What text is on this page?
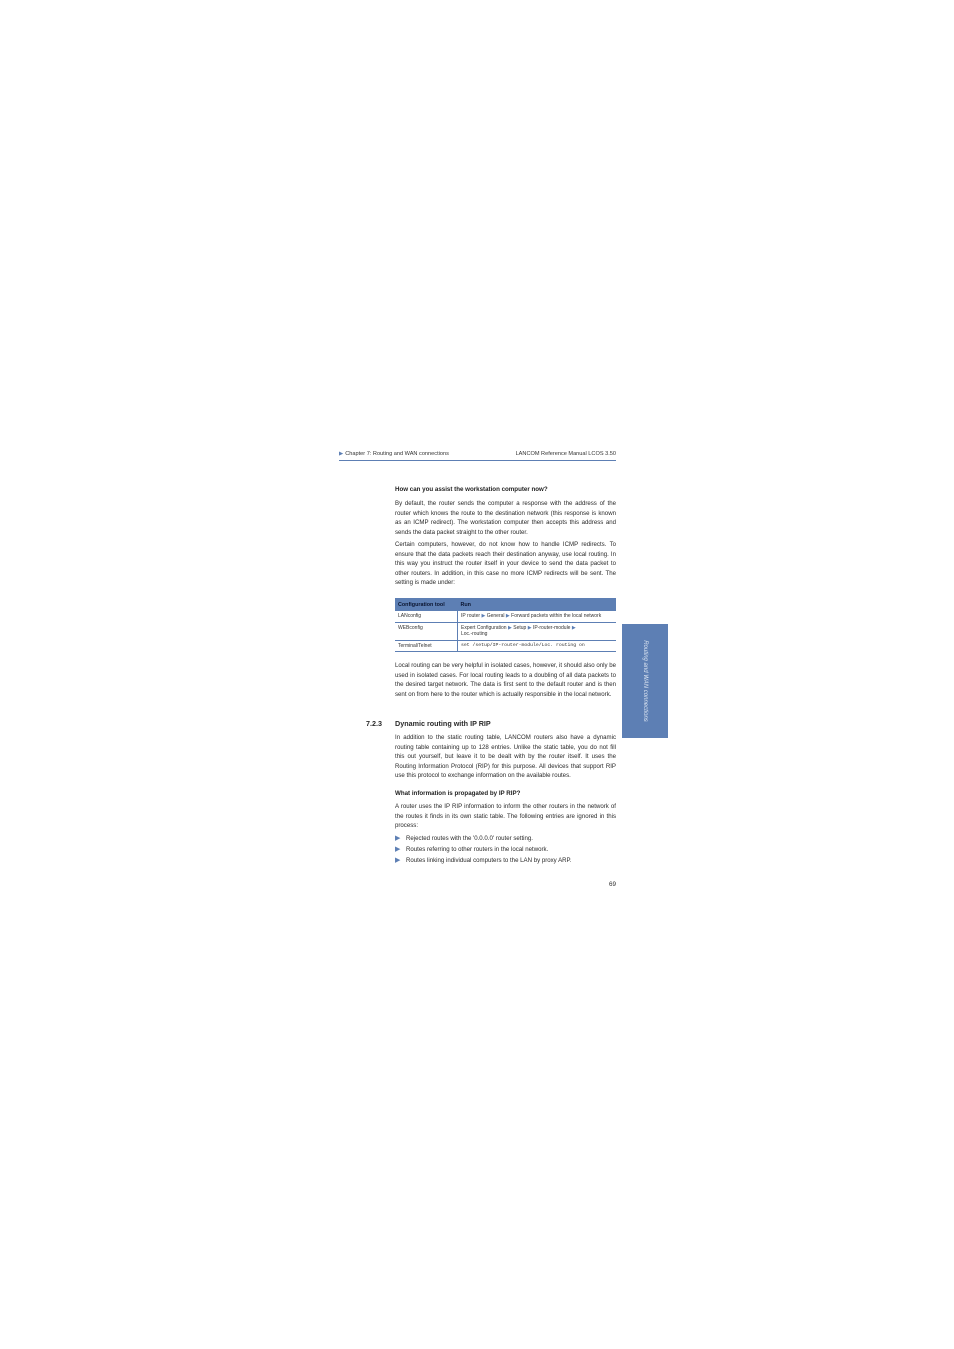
▶ Chapter 7: Routing and WAN connections	LANCOM Reference Manual LCOS 3.50
How can you assist the workstation computer now?

By default, the router sends the computer a response with the address of the router which knows the route to the destination network (this response is known as an ICMP redirect). The workstation computer then accepts this address and sends the data packet straight to the other router.

Certain computers, however, do not know how to handle ICMP redirects. To ensure that the data packets reach their destination anyway, use local routing. In this way you instruct the router itself in your device to send the data packet to other routers. In addition, in this case no more ICMP redirects will be sent. The setting is made under:

Configuration tool	Run
LANconfig	IP router ▶ General ▶ Forward packets within the local network
WEBconfig	Expert Configuration ▶ Setup ▶ IP-router-module ▶
Loc.-routing
Terminal/Telnet	set /setup/IP-router-module/Loc. routing on

Local routing can be very helpful in isolated cases, however, it should also only be used in isolated cases. For local routing leads to a doubling of all data packets to the desired target network. The data is first sent to the default router and is then sent on from here to the router which is actually responsible in the local network.

7.2.3 Dynamic routing with IP RIP

In addition to the static routing table, LANCOM routers also have a dynamic routing table containing up to 128 entries. Unlike the static table, you do not fill this out yourself, but leave it to be dealt with by the router itself. It uses the Routing Information Protocol (RIP) for this purpose. All devices that support RIP use this protocol to exchange information on the available routes.

What information is propagated by IP RIP?

A router uses the IP RIP information to inform the other routers in the network of the routes it finds in its own static table. The following entries are ignored in this process:

▶ Rejected routes with the '0.0.0.0' router setting.
▶ Routes referring to other routers in the local network.
▶ Routes linking individual computers to the LAN by proxy ARP.
Routing and WAN connections
69
